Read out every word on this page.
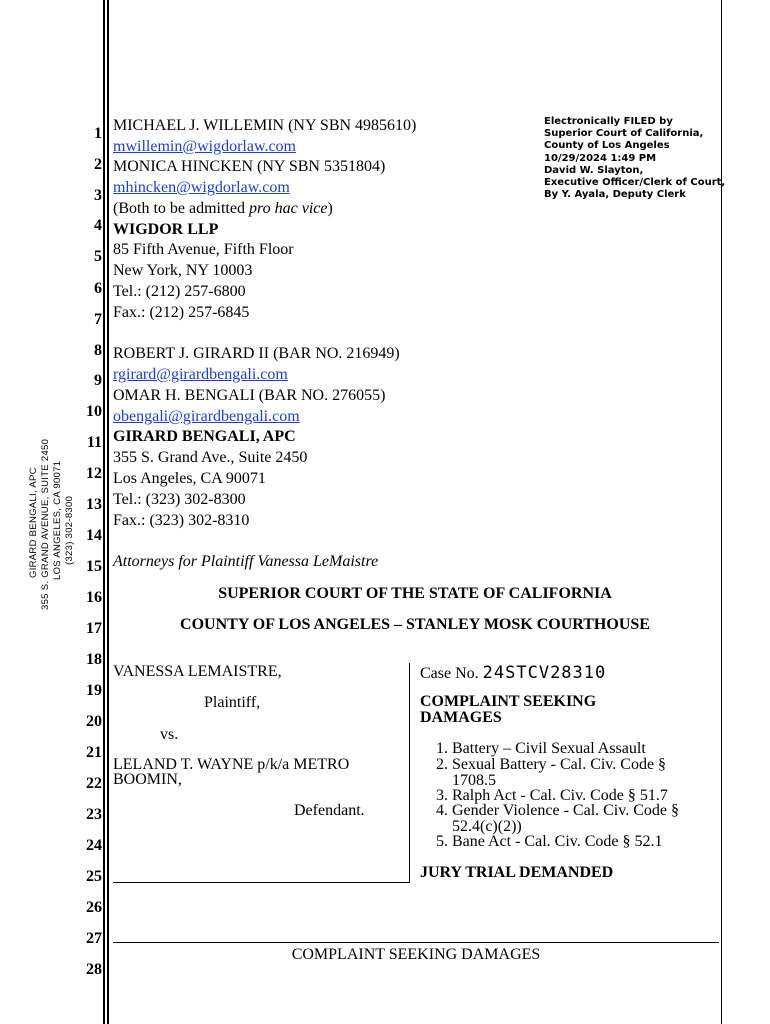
GIRARD BENGALI, APC 355 S. GRAND AVENUE, SUITE 2450 LOS ANGELES, CA 90071 (323) 302-8300
1
2
3
4
5
6
7
8
9
10
11
12
13
14
15
16
17
18
19
20
21
22
23
24
25
26
27
28
Electronically FILED by
Superior Court of California,
County of Los Angeles
10/29/2024 1:49 PM
David W. Slayton,
Executive Officer/Clerk of Court,
By Y. Ayala, Deputy Clerk
MICHAEL J. WILLEMIN (NY SBN 4985610)
mwillemin@wigdorlaw.com
MONICA HINCKEN (NY SBN 5351804)
mhincken@wigdorlaw.com
(Both to be admitted pro hac vice)
WIGDOR LLP
85 Fifth Avenue, Fifth Floor
New York, NY 10003
Tel.: (212) 257-6800
Fax.: (212) 257-6845
ROBERT J. GIRARD II (BAR NO. 216949)
rgirard@girardbengali.com
OMAR H. BENGALI (BAR NO. 276055)
obengali@girardbengali.com
GIRARD BENGALI, APC
355 S. Grand Ave., Suite 2450
Los Angeles, CA 90071
Tel.: (323) 302-8300
Fax.: (323) 302-8310
Attorneys for Plaintiff Vanessa LeMaistre
SUPERIOR COURT OF THE STATE OF CALIFORNIA
COUNTY OF LOS ANGELES – STANLEY MOSK COURTHOUSE
VANESSA LEMAISTRE,
Plaintiff,
vs.
LELAND T. WAYNE p/k/a METRO
BOOMIN,
Defendant.
Case No. 24STCV28310
COMPLAINT SEEKING
DAMAGES
1. Battery – Civil Sexual Assault
2. Sexual Battery - Cal. Civ. Code §
1708.5
3. Ralph Act - Cal. Civ. Code § 51.7
4. Gender Violence - Cal. Civ. Code §
52.4(c)(2))
5. Bane Act - Cal. Civ. Code § 52.1
JURY TRIAL DEMANDED
COMPLAINT SEEKING DAMAGES
